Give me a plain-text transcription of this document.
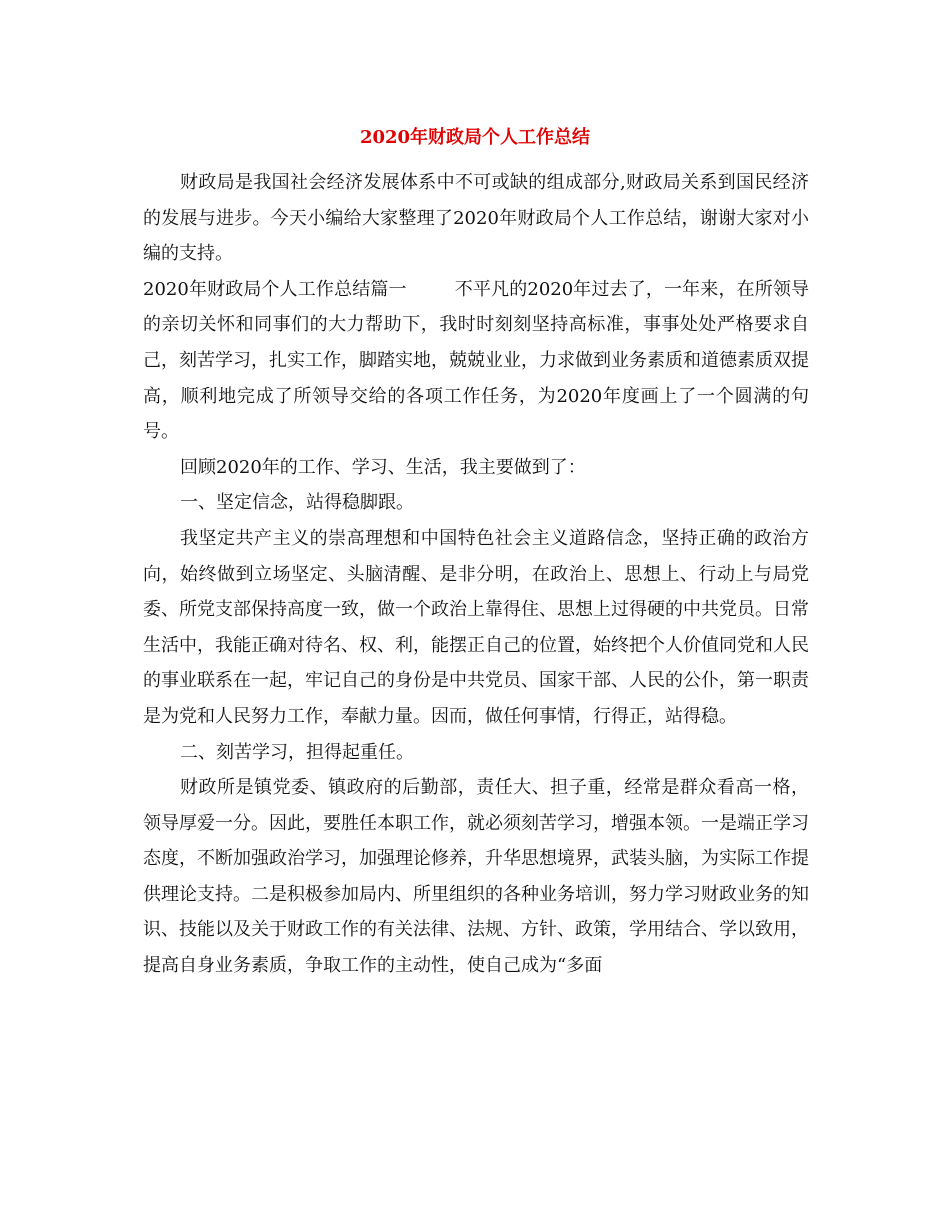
2020年财政局个人工作总结

财政局是我国社会经济发展体系中不可或缺的组成部分,财政局关系到国民经济的发展与进步。今天小编给大家整理了2020年财政局个人工作总结，谢谢大家对小编的支持。

2020年财政局个人工作总结篇一	不平凡的2020年过去了，一年来，在所领导的亲切关怀和同事们的大力帮助下，我时时刻刻坚持高标准，事事处处严格要求自己，刻苦学习，扎实工作，脚踏实地，兢兢业业，力求做到业务素质和道德素质双提高，顺利地完成了所领导交给的各项工作任务，为2020年度画上了一个圆满的句号。

回顾2020年的工作、学习、生活，我主要做到了：

一、坚定信念，站得稳脚跟。

我坚定共产主义的崇高理想和中国特色社会主义道路信念，坚持正确的政治方向，始终做到立场坚定、头脑清醒、是非分明，在政治上、思想上、行动上与局党委、所党支部保持高度一致，做一个政治上靠得住、思想上过得硬的中共党员。日常生活中，我能正确对待名、权、利，能摆正自己的位置，始终把个人价值同党和人民的事业联系在一起，牢记自己的身份是中共党员、国家干部、人民的公仆，第一职责是为党和人民努力工作，奉献力量。因而，做任何事情，行得正，站得稳。

二、刻苦学习，担得起重任。

财政所是镇党委、镇政府的后勤部，责任大、担子重，经常是群众看高一格，领导厚爱一分。因此，要胜任本职工作，就必须刻苦学习，增强本领。一是端正学习态度，不断加强政治学习，加强理论修养，升华思想境界，武装头脑，为实际工作提供理论支持。二是积极参加局内、所里组织的各种业务培训，努力学习财政业务的知识、技能以及关于财政工作的有关法律、法规、方针、政策，学用结合、学以致用，提高自身业务素质，争取工作的主动性，使自己成为“多面
